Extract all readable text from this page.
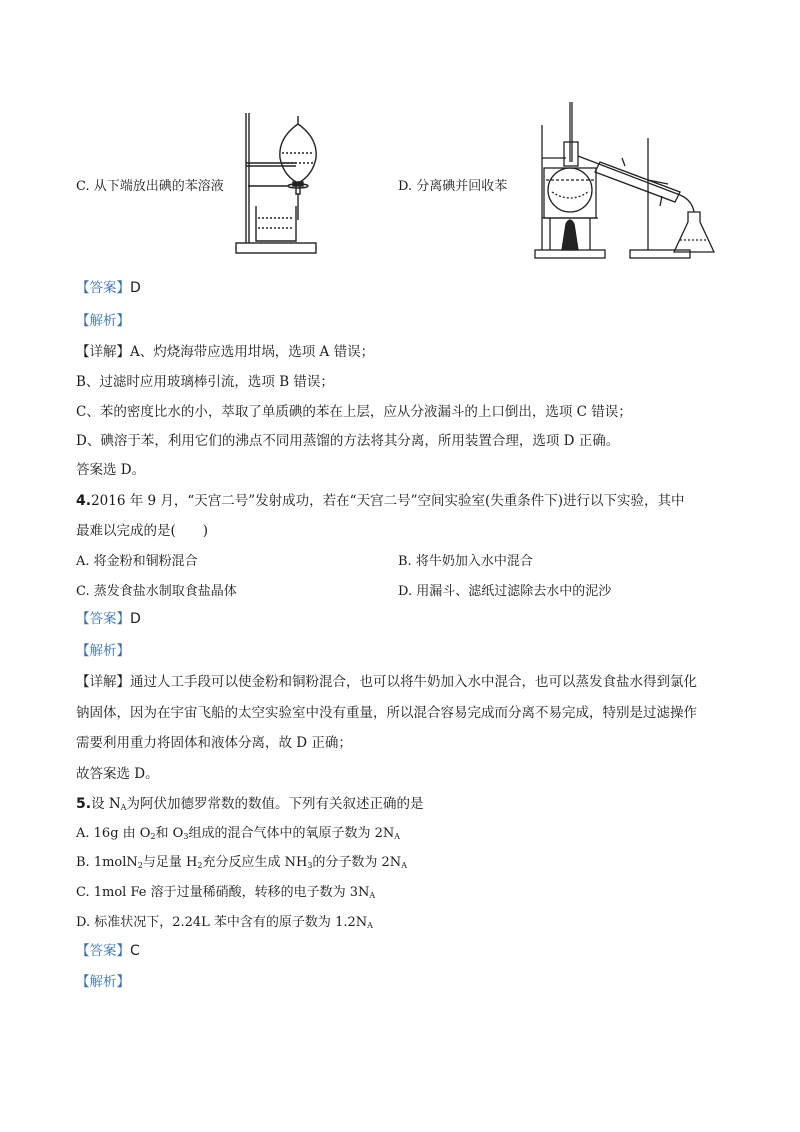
C. 从下端放出碘的苯溶液	D. 分离碘并回收苯
【答案】D
【解析】
【详解】A、灼烧海带应选用坩埚，选项 A 错误；
B、过滤时应用玻璃棒引流，选项 B 错误；
C、苯的密度比水的小，萃取了单质碘的苯在上层，应从分液漏斗的上口倒出，选项 C 错误；
D、碘溶于苯，利用它们的沸点不同用蒸馏的方法将其分离，所用装置合理，选项 D 正确。
答案选 D。
4.2016 年 9 月，“天宫二号”发射成功，若在“天宫二号”空间实验室(失重条件下)进行以下实验，其中
最难以完成的是(　　)
A. 将金粉和铜粉混合	B. 将牛奶加入水中混合
C. 蒸发食盐水制取食盐晶体	D. 用漏斗、滤纸过滤除去水中的泥沙
【答案】D
【解析】
【详解】通过人工手段可以使金粉和铜粉混合，也可以将牛奶加入水中混合，也可以蒸发食盐水得到氯化
钠固体，因为在宇宙飞船的太空实验室中没有重量，所以混合容易完成而分离不易完成，特别是过滤操作
需要利用重力将固体和液体分离，故 D 正确；
故答案选 D。
5.设 $N_A$为阿伏加德罗常数的数值。下列有关叙述正确的是
A. 16g 由 $O_2$和 $O_3$组成的混合气体中的氧原子数为 $2N_A$
B. 1molN$_2$与足量 $H_2$充分反应生成 $NH_3$的分子数为 $2N_A$
C. 1mol Fe 溶于过量稀硝酸，转移的电子数为 $3N_A$
D. 标准状况下，2.24L 苯中含有的原子数为 $1.2N_A$
【答案】C
【解析】
